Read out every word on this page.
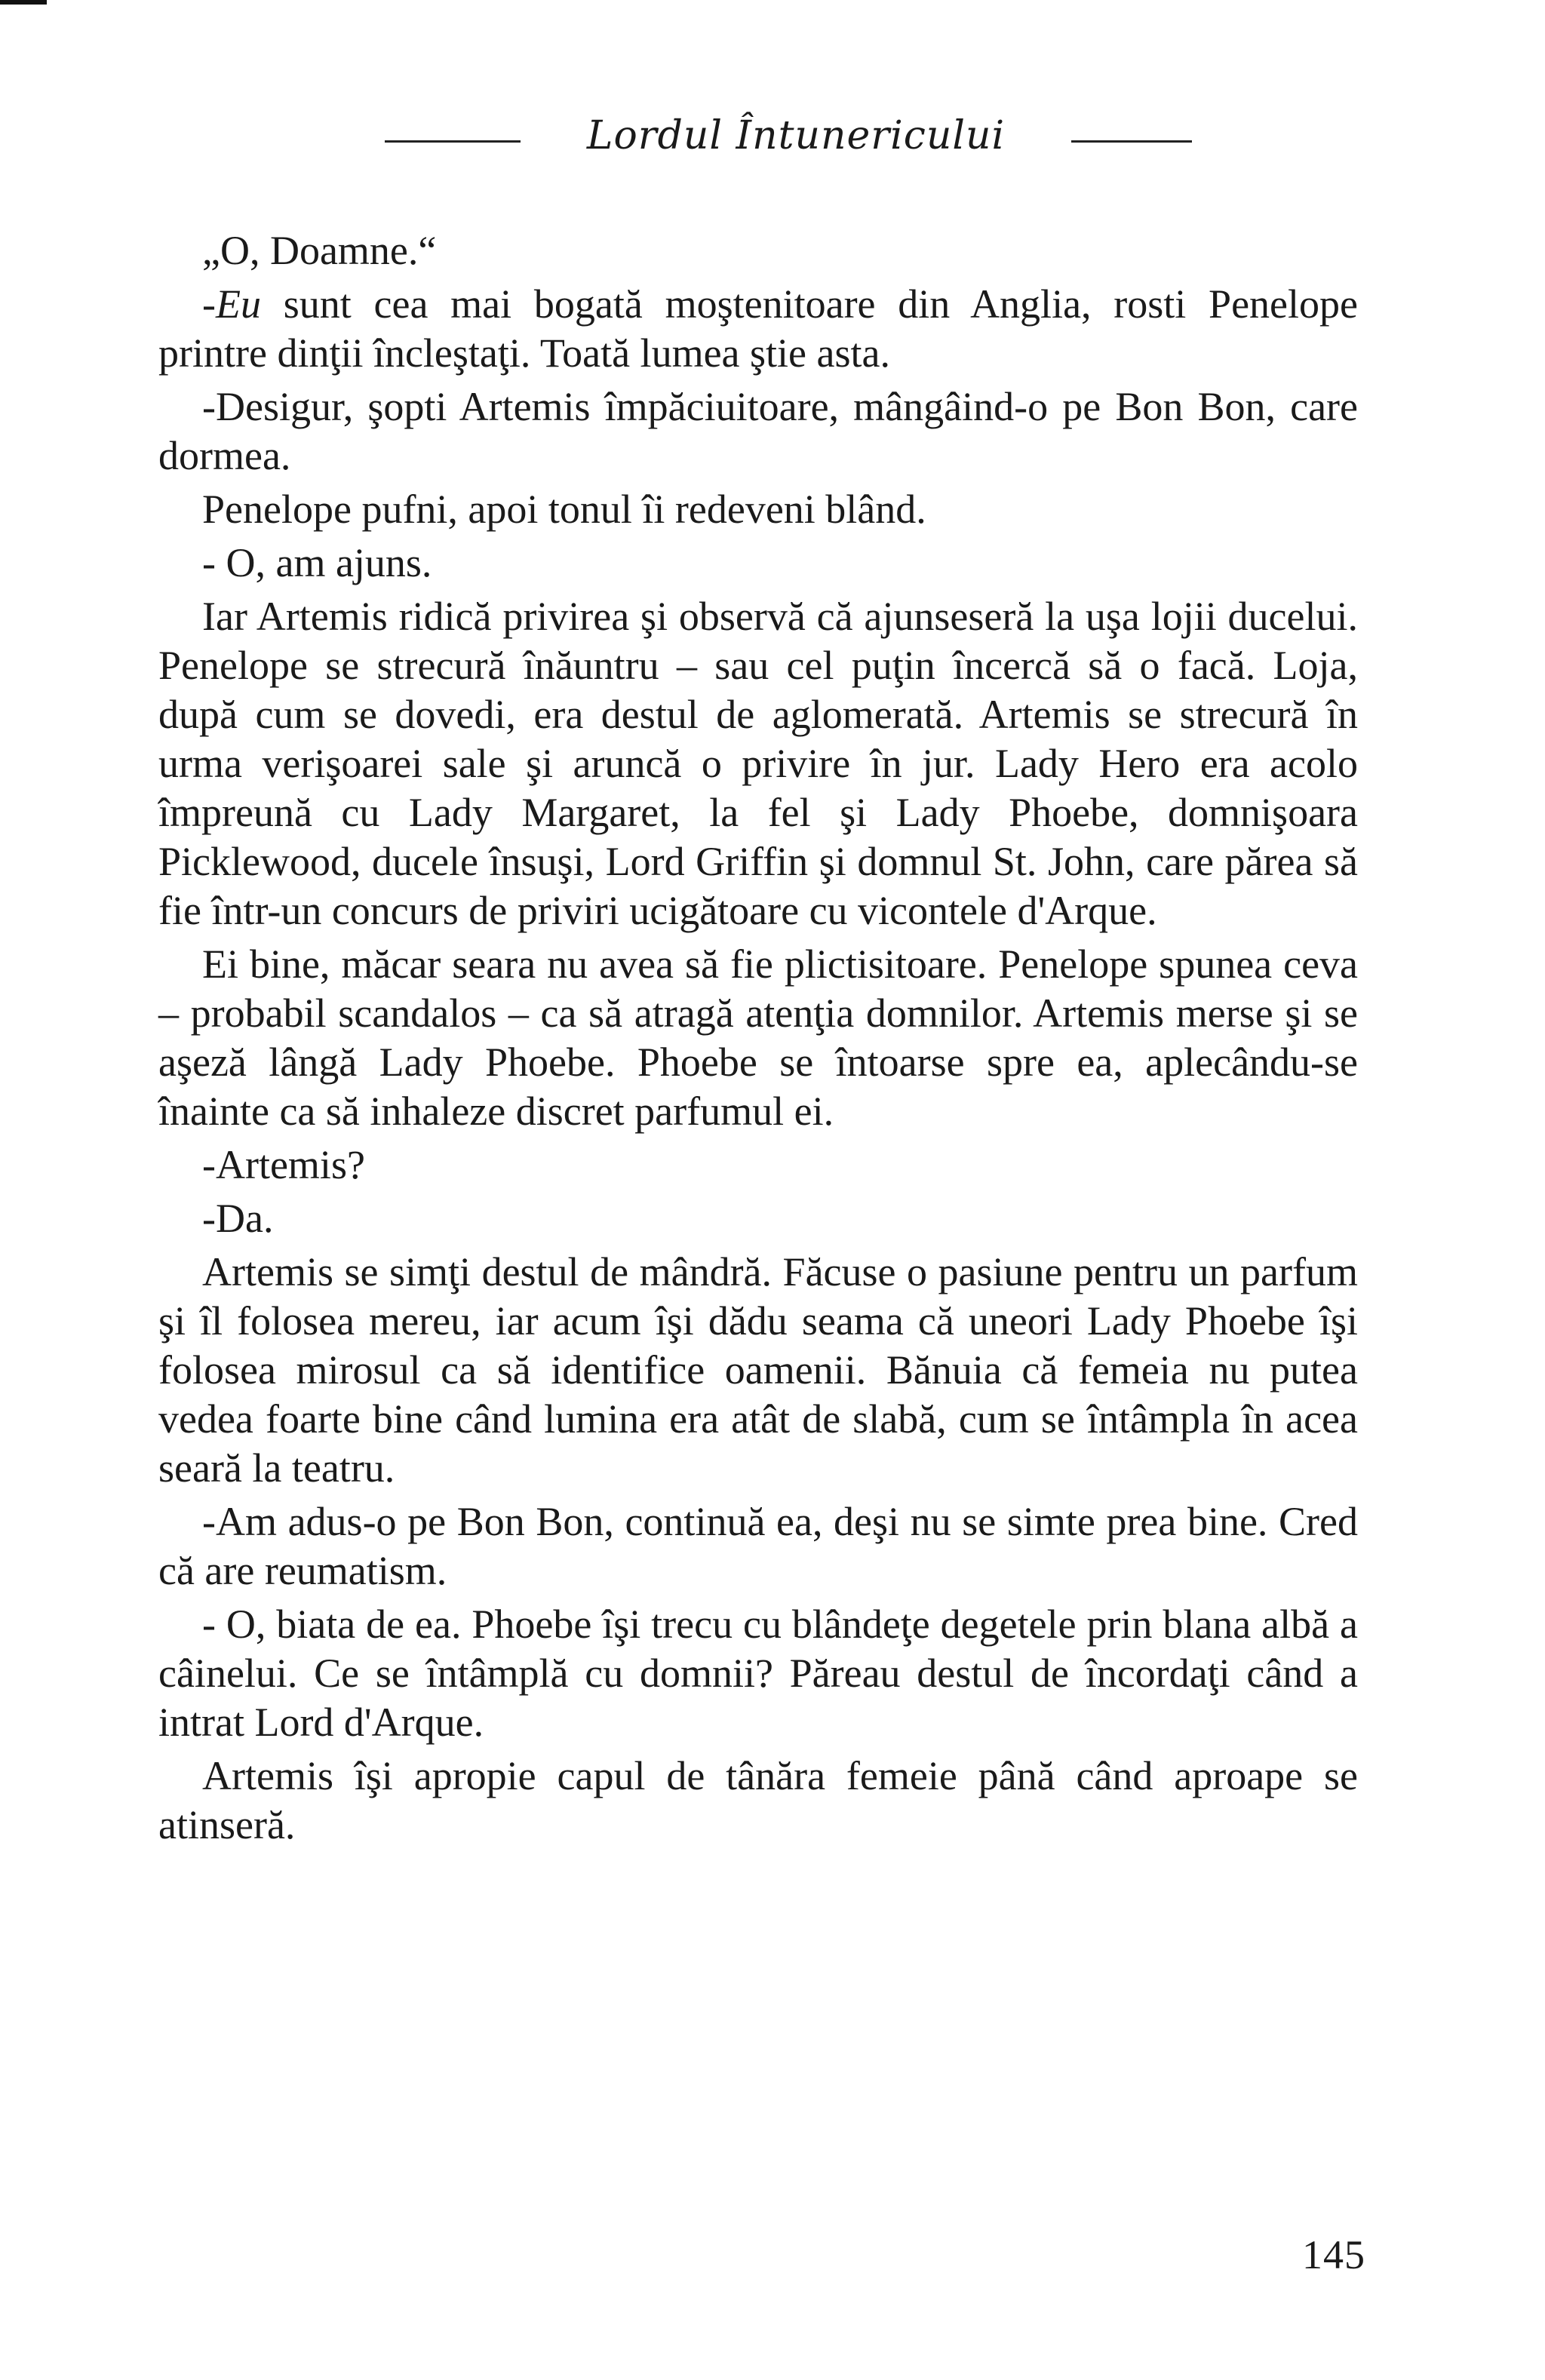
Lordul Întunericului

„O, Doamne.“

-Eu sunt cea mai bogată moştenitoare din Anglia, rosti Penelope printre dinţii încleştaţi. Toată lumea ştie asta.

-Desigur, şopti Artemis împăciuitoare, mângâind-o pe Bon Bon, care dormea.

Penelope pufni, apoi tonul îi redeveni blând.

- O, am ajuns.

Iar Artemis ridică privirea şi observă că ajunseseră la uşa lojii ducelui. Penelope se strecură înăuntru – sau cel puţin încercă să o facă. Loja, după cum se dovedi, era destul de aglomerată. Artemis se strecură în urma verişoarei sale şi aruncă o privire în jur. Lady Hero era acolo împreună cu Lady Margaret, la fel şi Lady Phoebe, domnişoara Picklewood, ducele însuşi, Lord Griffin şi domnul St. John, care părea să fie într-un concurs de priviri ucigătoare cu vicontele d'Arque.

Ei bine, măcar seara nu avea să fie plictisitoare. Penelope spunea ceva – probabil scandalos – ca să atragă atenţia domnilor. Artemis merse şi se aşeză lângă Lady Phoebe. Phoebe se întoarse spre ea, aplecându-se înainte ca să inhaleze discret parfumul ei.

-Artemis?

-Da.

Artemis se simţi destul de mândră. Făcuse o pasiune pentru un parfum şi îl folosea mereu, iar acum îşi dădu seama că uneori Lady Phoebe îşi folosea mirosul ca să identifice oamenii. Bănuia că femeia nu putea vedea foarte bine când lumina era atât de slabă, cum se întâmpla în acea seară la teatru.

-Am adus-o pe Bon Bon, continuă ea, deşi nu se simte prea bine. Cred că are reumatism.

- O, biata de ea. Phoebe îşi trecu cu blândeţe degetele prin blana albă a câinelui. Ce se întâmplă cu domnii? Păreau destul de încordaţi când a intrat Lord d'Arque.

Artemis îşi apropie capul de tânăra femeie până când aproape se atinseră.

145
